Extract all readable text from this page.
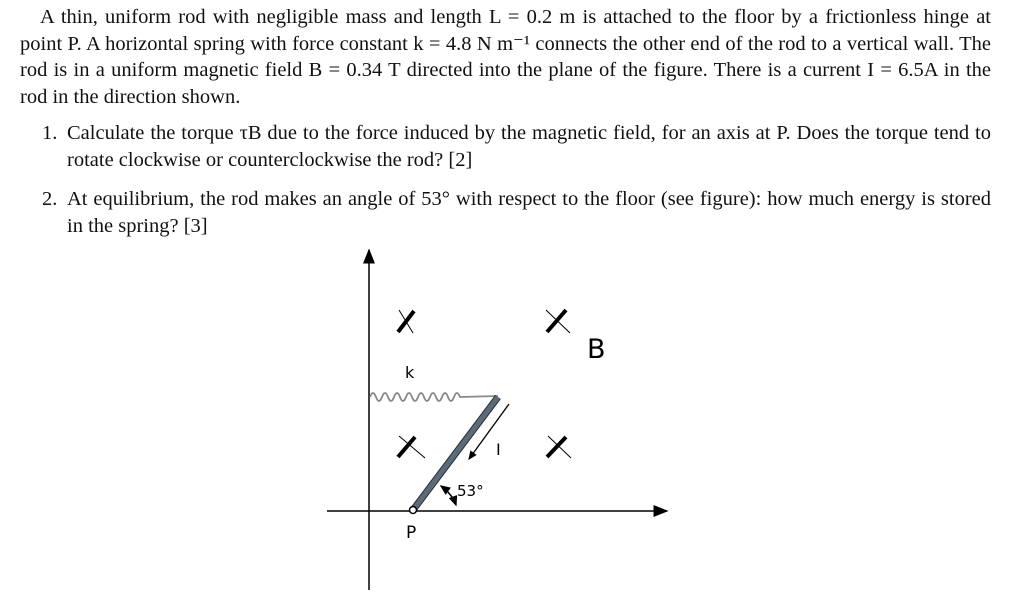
A thin, uniform rod with negligible mass and length L = 0.2 m is attached to the floor by a frictionless hinge at point P. A horizontal spring with force constant k = 4.8 N m⁻¹ connects the other end of the rod to a vertical wall. The rod is in a uniform magnetic field B = 0.34 T directed into the plane of the figure. There is a current I = 6.5A in the rod in the direction shown.

1. Calculate the torque τB due to the force induced by the magnetic field, for an axis at P. Does the torque tend to rotate clockwise or counterclockwise the rod? [2]
2. At equilibrium, the rod makes an angle of 53° with respect to the floor (see figure): how much energy is stored in the spring? [3]
B
k
I
53°
P
